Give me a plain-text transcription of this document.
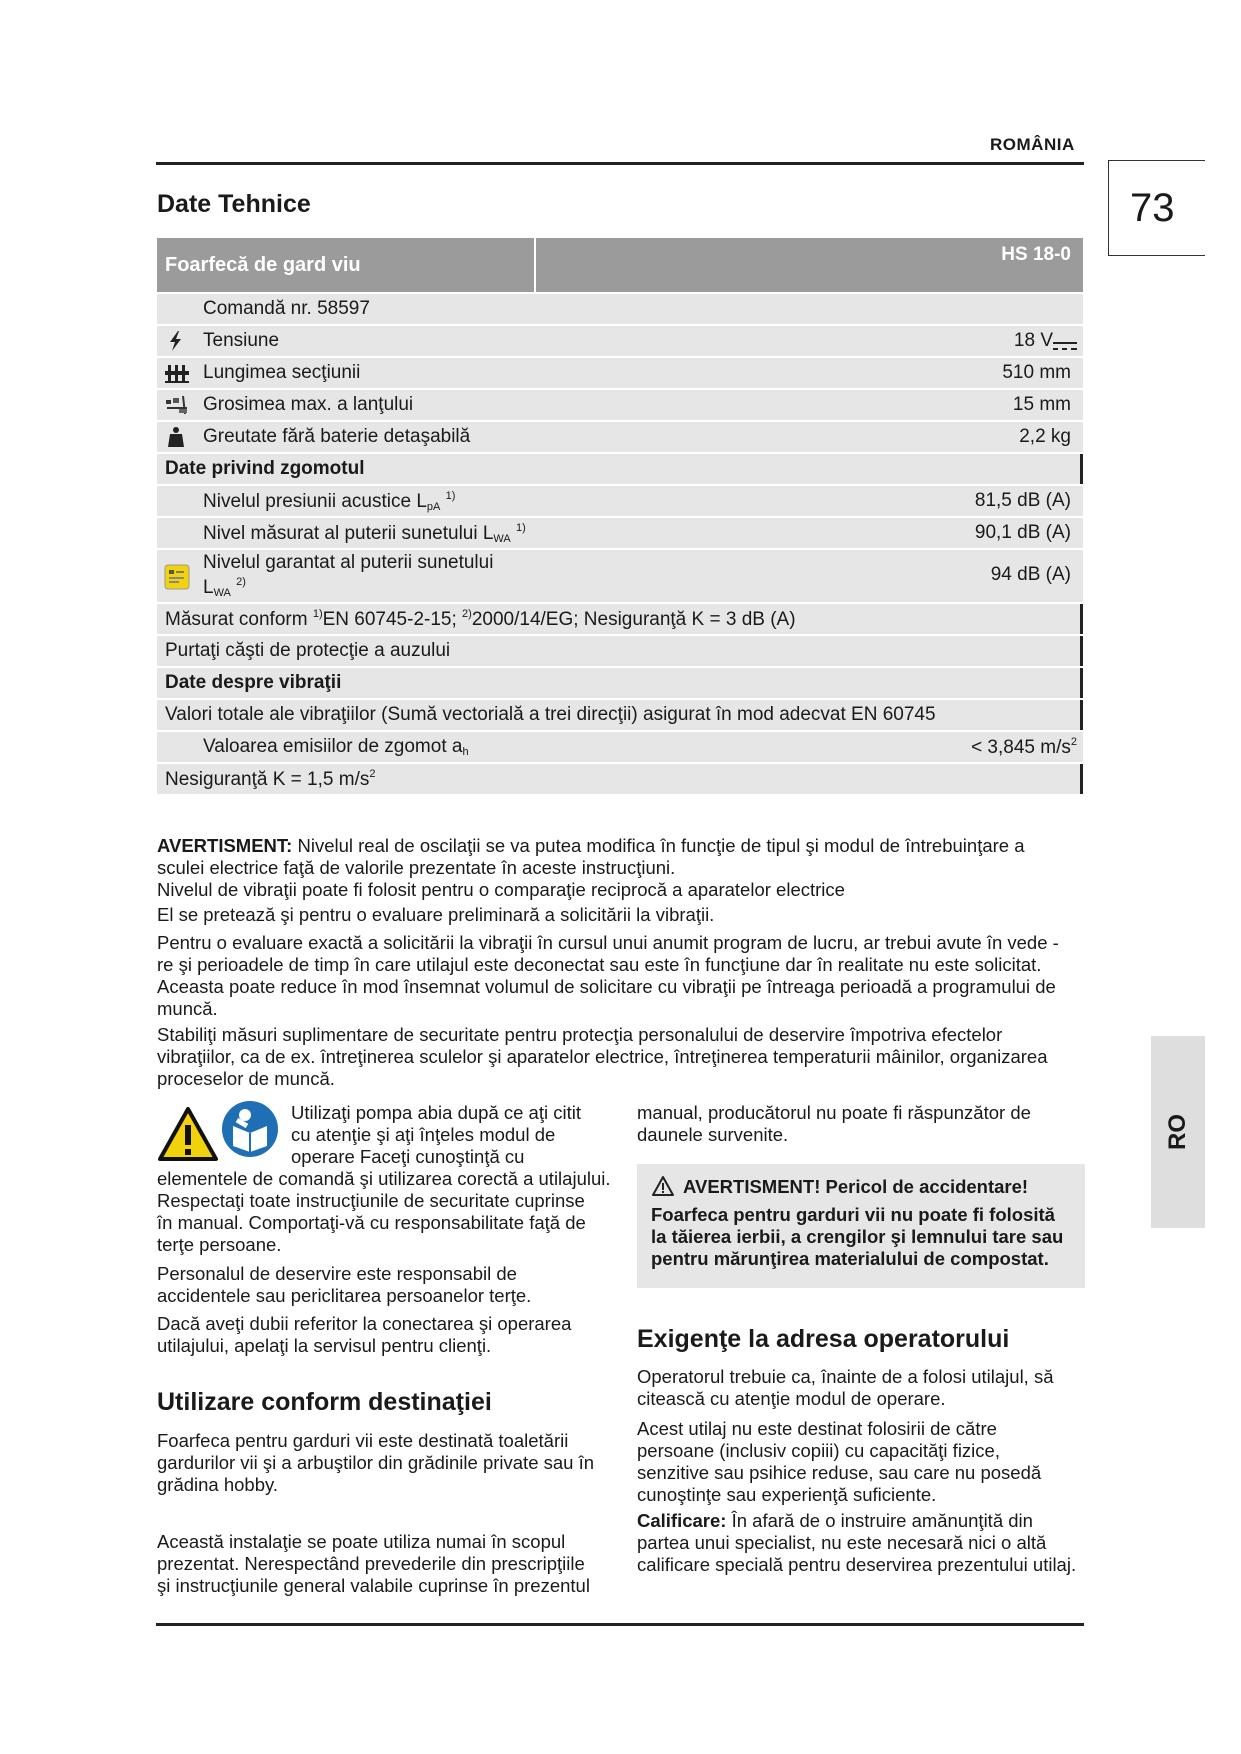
ROMÂNIA
73
RO
Date Tehnice
Foarfecă de gard viu	HS 18-0
Comandă nr. 58597
Tensiune	18 V
Lungimea secţiunii	510 mm
Grosimea max. a lanţului	15 mm
Greutate fără baterie detaşabilă	2,2 kg
Date privind zgomotul
Nivelul presiunii acustice $L_{pA}$ $^{1)}$	81,5 dB (A)
Nivel măsurat al puterii sunetului $L_{WA}$ $^{1)}$	90,1 dB (A)
Nivelul garantat al puterii sunetului
$L_{WA}$ $^{2)}$	94 dB (A)
Măsurat conform $^{1)}$EN 60745-2-15; $^{2)}$2000/14/EG; Nesiguranţă K = 3 dB (A)
Purtaţi căşti de protecţie a auzului
Date despre vibraţii
Valori totale ale vibraţiilor (Sumă vectorială a trei direcţii) asigurat în mod adecvat EN 60745
Valoarea emisiilor de zgomot $a_h$	< 3,845 $m/s^2$
Nesiguranţă K = 1,5 $m/s^2$
AVERTISMENT: Nivelul real de oscilaţii se va putea modifica în funcţie de tipul şi modul de întrebuinţare a
sculei electrice faţă de valorile prezentate în aceste instrucţiuni.
Nivelul de vibraţii poate fi folosit pentru o comparaţie reciprocă a aparatelor electrice
El se pretează şi pentru o evaluare preliminară a solicitării la vibraţii.
Pentru o evaluare exactă a solicitării la vibraţii în cursul unui anumit program de lucru, ar trebui avute în vede -
re şi perioadele de timp în care utilajul este deconectat sau este în funcţiune dar în realitate nu este solicitat.
Aceasta poate reduce în mod însemnat volumul de solicitare cu vibraţii pe întreaga perioadă a programului de
muncă.
Stabiliţi măsuri suplimentare de securitate pentru protecţia personalului de deservire împotriva efectelor
vibraţiilor, ca de ex. întreţinerea sculelor şi aparatelor electrice, întreţinerea temperaturii mâinilor, organizarea
proceselor de muncă.
Utilizaţi pompa abia după ce aţi citit
cu atenţie şi aţi înţeles modul de
operare Faceţi cunoştinţă cu
elementele de comandă şi utilizarea corectă a utilajului.
Respectaţi toate instrucţiunile de securitate cuprinse
în manual. Comportaţi-vă cu responsabilitate faţă de
terţe persoane.
Personalul de deservire este responsabil de
accidentele sau periclitarea persoanelor terţe.
Dacă aveţi dubii referitor la conectarea şi operarea
utilajului, apelaţi la servisul pentru clienţi.
Utilizare conform destinaţiei
Foarfeca pentru garduri vii este destinată toaletării
gardurilor vii şi a arbuştilor din grădinile private sau în
grădina hobby.
Această instalaţie se poate utiliza numai în scopul
prezentat. Nerespectând prevederile din prescripţiile
şi instrucţiunile general valabile cuprinse în prezentul
manual, producătorul nu poate fi răspunzător de
daunele survenite.
AVERTISMENT! Pericol de accidentare!
Foarfeca pentru garduri vii nu poate fi folosită
la tăierea ierbii, a crengilor şi lemnului tare sau
pentru mărunţirea materialului de compostat.
Exigenţe la adresa operatorului
Operatorul trebuie ca, înainte de a folosi utilajul, să
citească cu atenţie modul de operare.
Acest utilaj nu este destinat folosirii de către
persoane (inclusiv copiii) cu capacităţi fizice,
senzitive sau psihice reduse, sau care nu posedă
cunoştinţe sau experienţă suficiente.
Calificare: În afară de o instruire amănunţită din
partea unui specialist, nu este necesară nici o altă
calificare specială pentru deservirea prezentului utilaj.
